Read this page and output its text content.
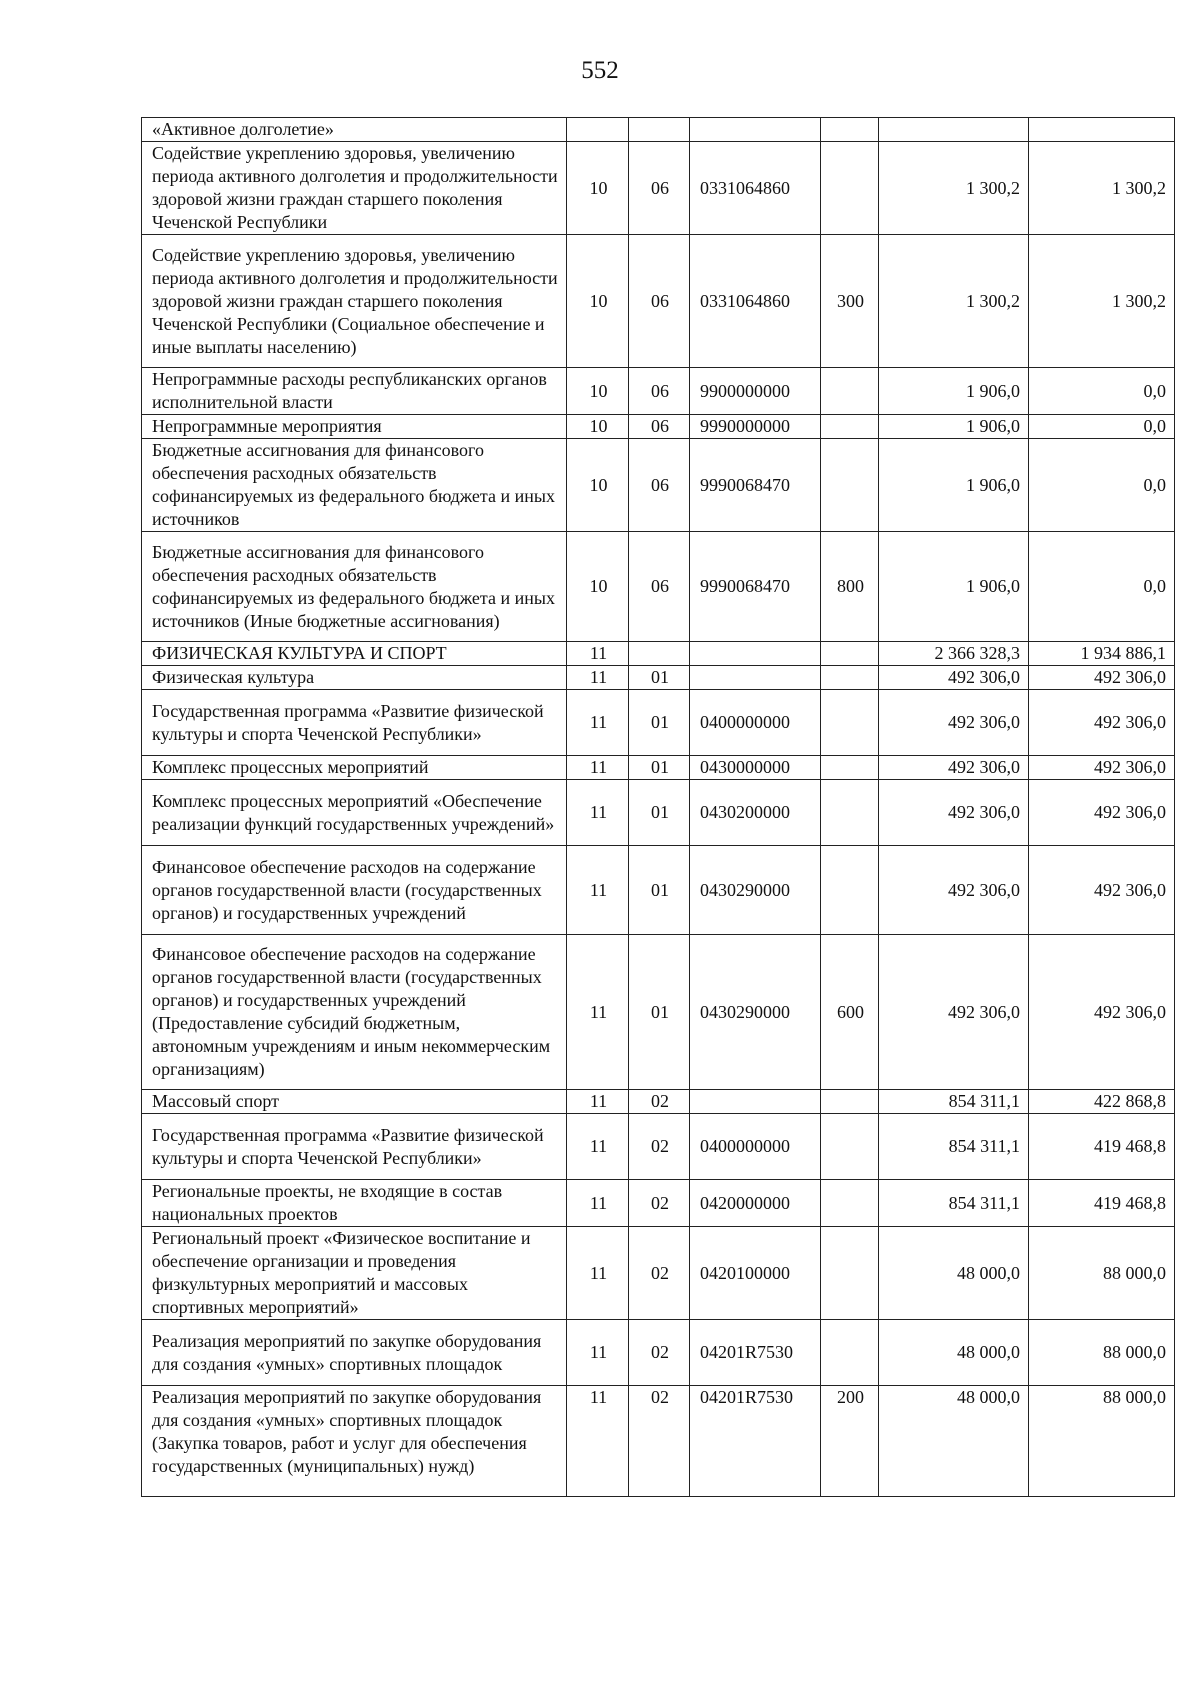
552
«Активное долголетие»						
Содействие укреплению здоровья, увеличению периода активного долголетия и продолжительности здоровой жизни граждан старшего поколения Чеченской Республики	10	06	0331064860		1 300,2	1 300,2
Содействие укреплению здоровья, увеличению периода активного долголетия и продолжительности здоровой жизни граждан старшего поколения Чеченской Республики (Социальное обеспечение и иные выплаты населению)	10	06	0331064860	300	1 300,2	1 300,2
Непрограммные расходы республиканских органов исполнительной власти	10	06	9900000000		1 906,0	0,0
Непрограммные мероприятия	10	06	9990000000		1 906,0	0,0
Бюджетные ассигнования для финансового обеспечения расходных обязательств софинансируемых из федерального бюджета и иных источников	10	06	9990068470		1 906,0	0,0
Бюджетные ассигнования для финансового обеспечения расходных обязательств софинансируемых из федерального бюджета и иных источников (Иные бюджетные ассигнования)	10	06	9990068470	800	1 906,0	0,0
ФИЗИЧЕСКАЯ КУЛЬТУРА И СПОРТ	11				2 366 328,3	1 934 886,1
Физическая культура	11	01			492 306,0	492 306,0
Государственная программа «Развитие физической культуры и спорта Чеченской Республики»	11	01	0400000000		492 306,0	492 306,0
Комплекс процессных мероприятий	11	01	0430000000		492 306,0	492 306,0
Комплекс процессных мероприятий «Обеспечение реализации функций государственных учреждений»	11	01	0430200000		492 306,0	492 306,0
Финансовое обеспечение расходов на содержание органов государственной власти (государственных органов) и государственных учреждений	11	01	0430290000		492 306,0	492 306,0
Финансовое обеспечение расходов на содержание органов государственной власти (государственных органов) и государственных учреждений (Предоставление субсидий бюджетным, автономным учреждениям и иным некоммерческим организациям)	11	01	0430290000	600	492 306,0	492 306,0
Массовый спорт	11	02			854 311,1	422 868,8
Государственная программа «Развитие физической культуры и спорта Чеченской Республики»	11	02	0400000000		854 311,1	419 468,8
Региональные проекты, не входящие в состав национальных проектов	11	02	0420000000		854 311,1	419 468,8
Региональный проект «Физическое воспитание и обеспечение организации и проведения физкультурных мероприятий и массовых спортивных мероприятий»	11	02	0420100000		48 000,0	88 000,0
Реализация мероприятий по закупке оборудования для создания «умных» спортивных площадок	11	02	04201R7530		48 000,0	88 000,0
Реализация мероприятий по закупке оборудования для создания «умных» спортивных площадок (Закупка товаров, работ и услуг для обеспечения государственных (муниципальных) нужд)	11	02	04201R7530	200	48 000,0	88 000,0
